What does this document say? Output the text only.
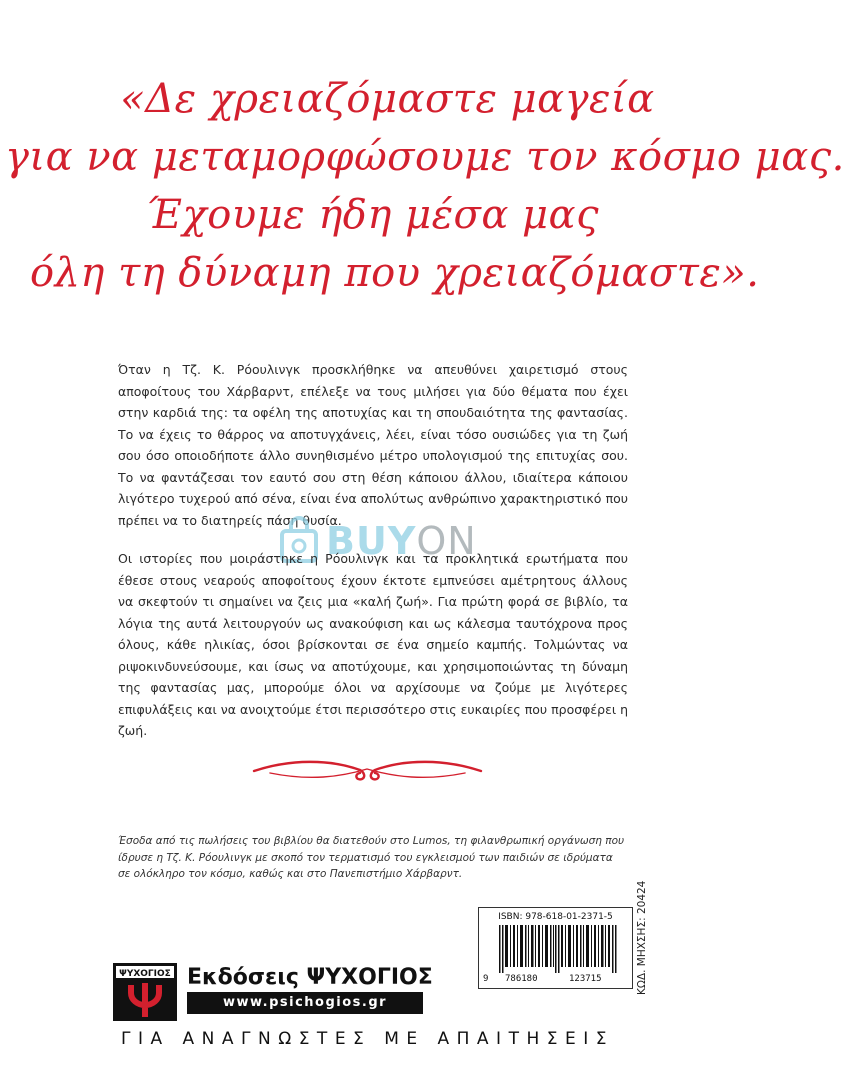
«Δε χρειαζόμαστε μαγεία
για να μεταμορφώσουμε τον κόσμο μας.
Έχουμε ήδη μέσα μας
όλη τη δύναμη που χρειαζόμαστε».
Όταν η Τζ. Κ. Ρόουλινγκ προσκλήθηκε να απευθύνει χαιρετισμό στους αποφοίτους του Χάρβαρντ, επέλεξε να τους μιλήσει για δύο θέματα που έχει στην καρδιά της: τα οφέλη της αποτυχίας και τη σπουδαιότητα της φαντασίας. Το να έχεις το θάρρος να αποτυγχάνεις, λέει, είναι τόσο ουσιώδες για τη ζωή σου όσο οποιοδήποτε άλλο συνηθισμένο μέτρο υπολογισμού της επιτυχίας σου. Το να φαντάζεσαι τον εαυτό σου στη θέση κάποιου άλλου, ιδιαίτερα κάποιου λιγότερο τυχερού από σένα, είναι ένα απολύτως ανθρώπινο χαρακτηριστικό που πρέπει να το διατηρείς πάση θυσία.
BUYON
Οι ιστορίες που μοιράστηκε η Ρόουλινγκ και τα προκλητικά ερωτήματα που έθεσε στους νεαρούς αποφοίτους έχουν έκτοτε εμπνεύσει αμέτρητους άλλους να σκεφτούν τι σημαίνει να ζεις μια «καλή ζωή». Για πρώτη φορά σε βιβλίο, τα λόγια της αυτά λειτουργούν ως ανακούφιση και ως κάλεσμα ταυτόχρονα προς όλους, κάθε ηλικίας, όσοι βρίσκονται σε ένα σημείο καμπής. Τολμώντας να ριψοκινδυνεύσουμε, και ίσως να αποτύχουμε, και χρησιμοποιώντας τη δύναμη της φαντασίας μας, μπορούμε όλοι να αρχίσουμε να ζούμε με λιγότερες επιφυλάξεις και να ανοιχτούμε έτσι περισσότερο στις ευκαιρίες που προσφέρει η ζωή.
Έσοδα από τις πωλήσεις του βιβλίου θα διατεθούν στο Lumos, τη φιλανθρωπική οργάνωση που ίδρυσε η Τζ. Κ. Ρόουλινγκ με σκοπό τον τερματισμό του εγκλεισμού των παιδιών σε ιδρύματα σε ολόκληρο τον κόσμο, καθώς και στο Πανεπιστήμιο Χάρβαρντ.
ΨΥΧΟΓΙΟΣ Εκδόσεις ΨΥΧΟΓΙΟΣ
www.psichogios.gr
ISBN: 978-618-01-2371-5
9 786180	123715	ΚΩΔ. ΜΗΧΣΗΣ: 20424
ΓΙΑ ΑΝΑΓΝΩΣΤΕΣ ΜΕ ΑΠΑΙΤΗΣΕΙΣ
